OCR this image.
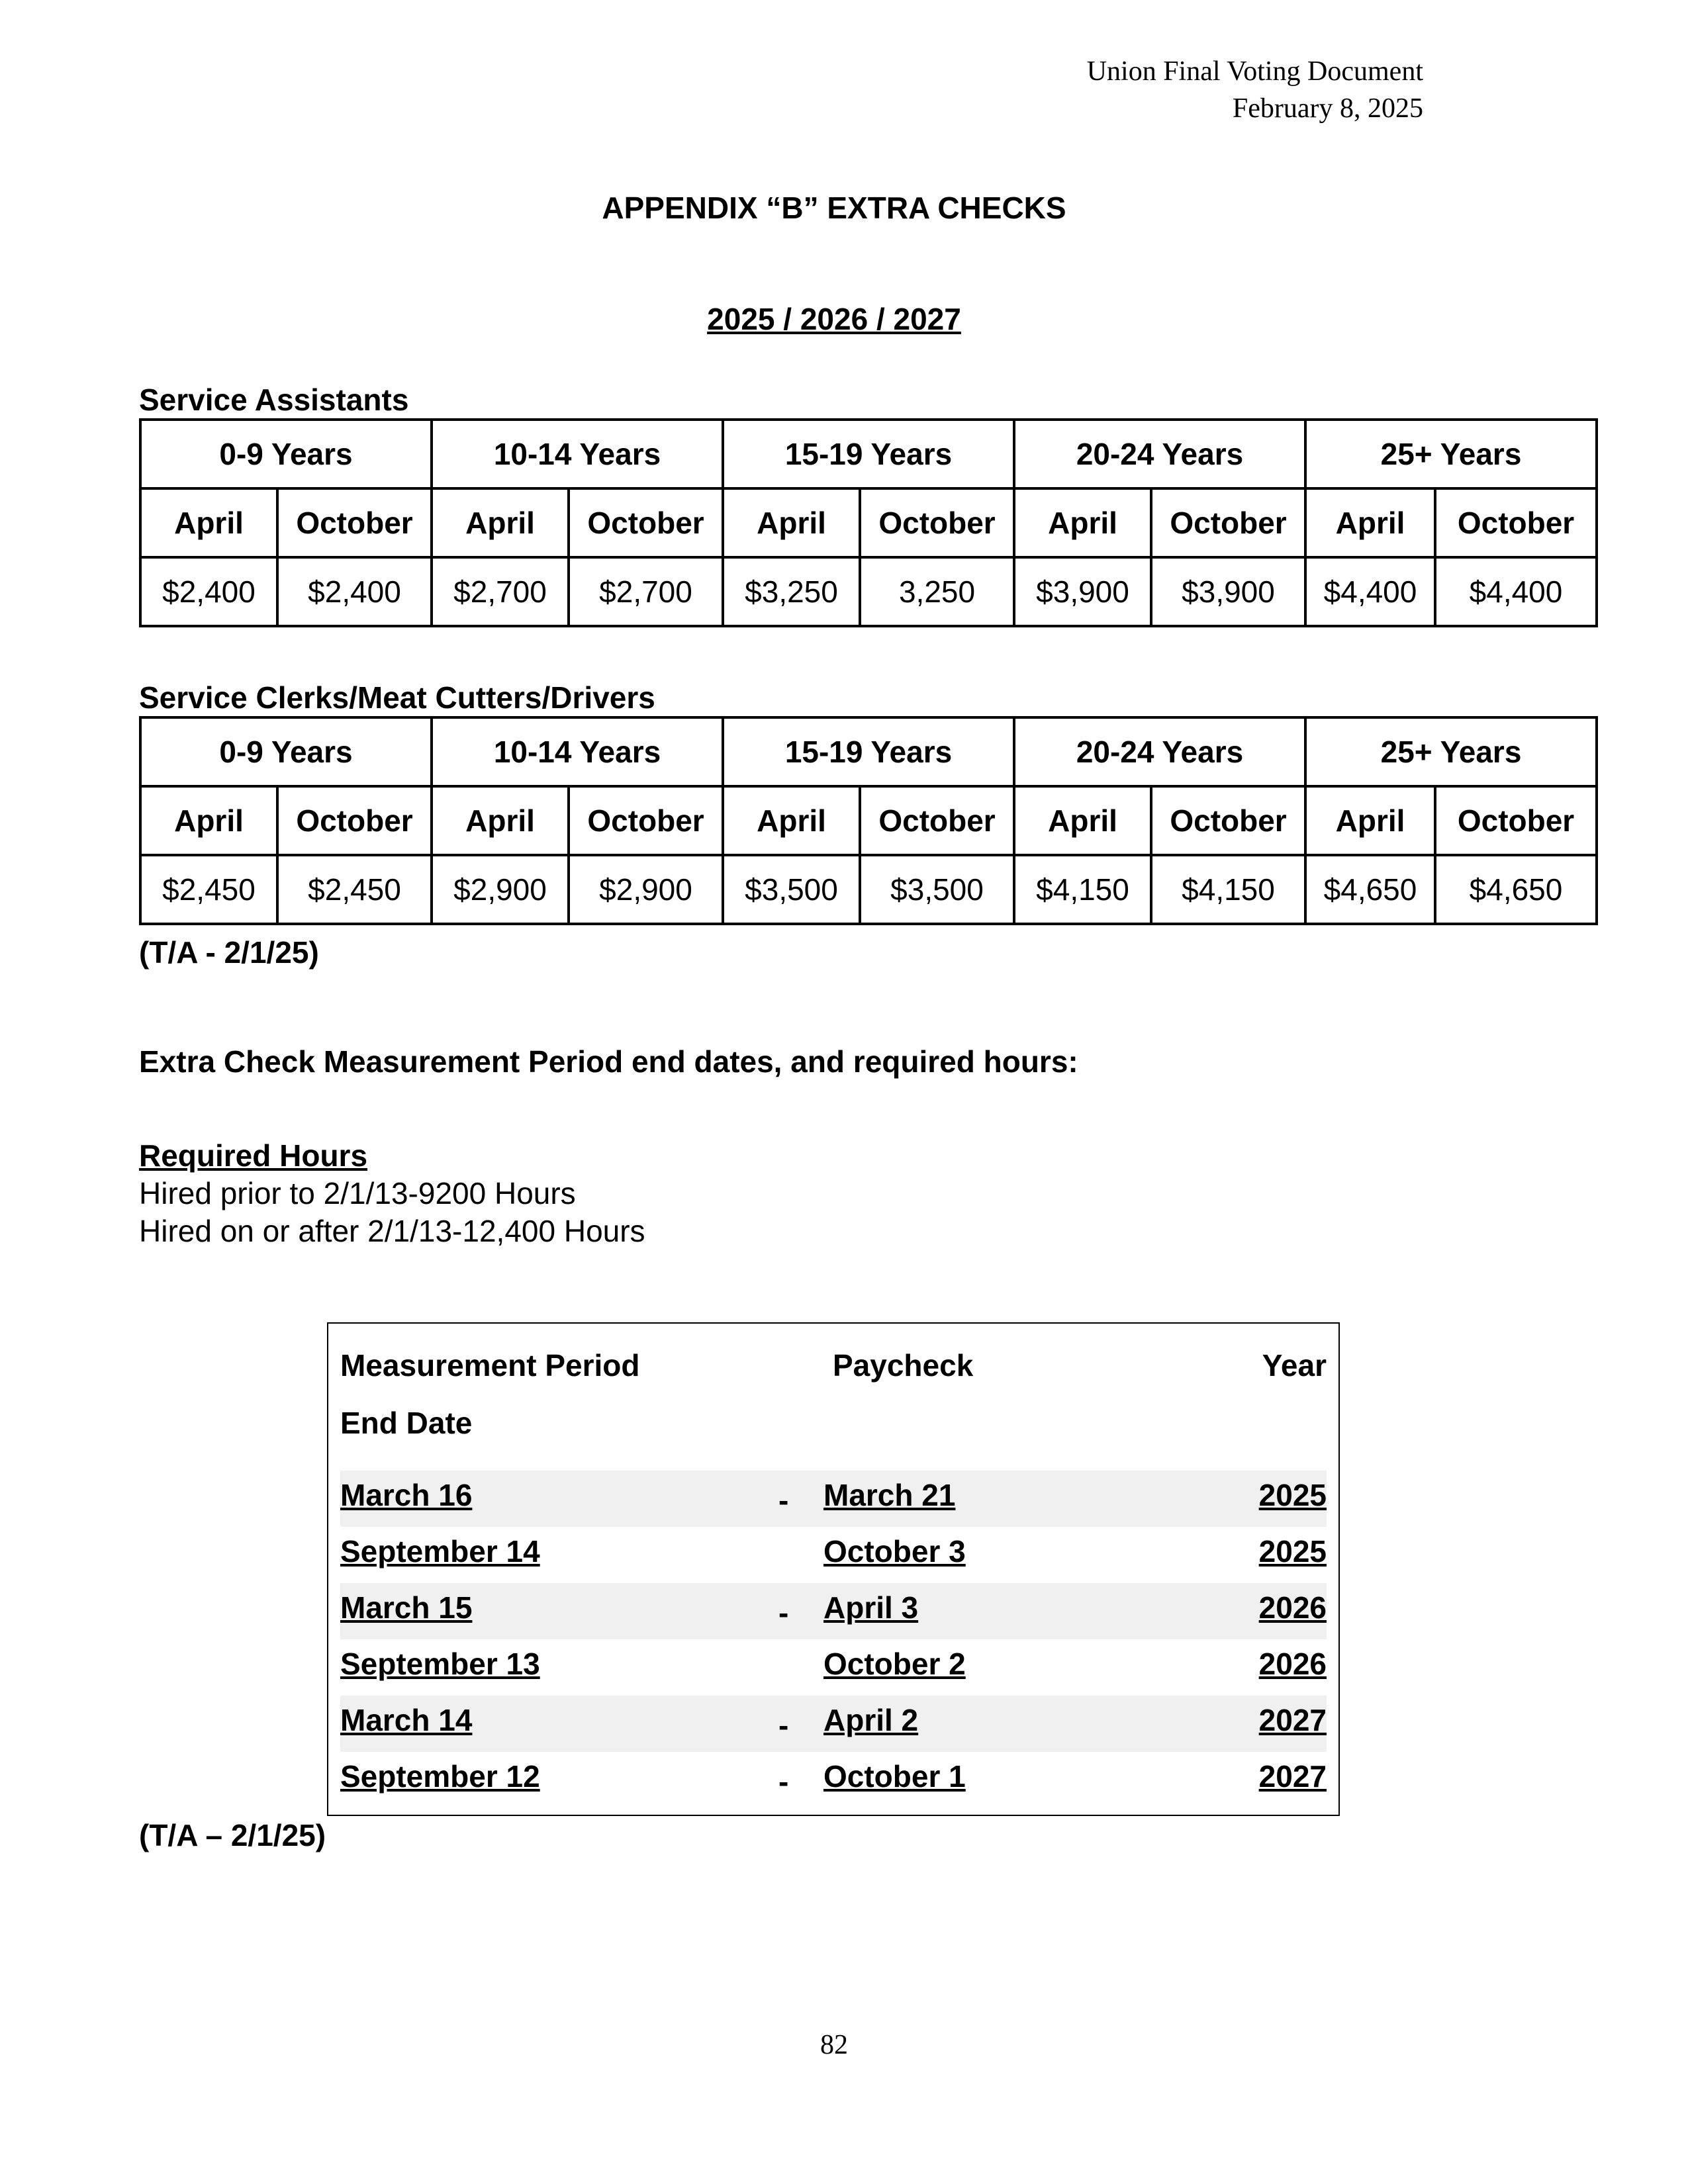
Union Final Voting Document
February 8, 2025
APPENDIX “B” EXTRA CHECKS
2025 / 2026 / 2027
Service Assistants
0-9 Years		10-14 Years		15-19 Years		20-24 Years		25+ Years	
April	October	April	October	April	October	April	October	April	October
$2,400	$2,400	$2,700	$2,700	$3,250	3,250	$3,900	$3,900	$4,400	$4,400
Service Clerks/Meat Cutters/Drivers
0-9 Years		10-14 Years		15-19 Years		20-24 Years		25+ Years	
April	October	April	October	April	October	April	October	April	October
$2,450	$2,450	$2,900	$2,900	$3,500	$3,500	$4,150	$4,150	$4,650	$4,650
(T/A - 2/1/25)
Extra Check Measurement Period end dates, and required hours:
Required Hours
Hired prior to 2/1/13-9200 Hours
Hired on or after 2/1/13-12,400 Hours
Measurement Period
End Date
Paycheck	Year
March 16	- March 21	2025
September 14	October 3	2025
March 15	- April 3	2026
September 13	October 2	2026
March 14	- April 2	2027
September 12	- October 1	2027
(T/A – 2/1/25)
82
